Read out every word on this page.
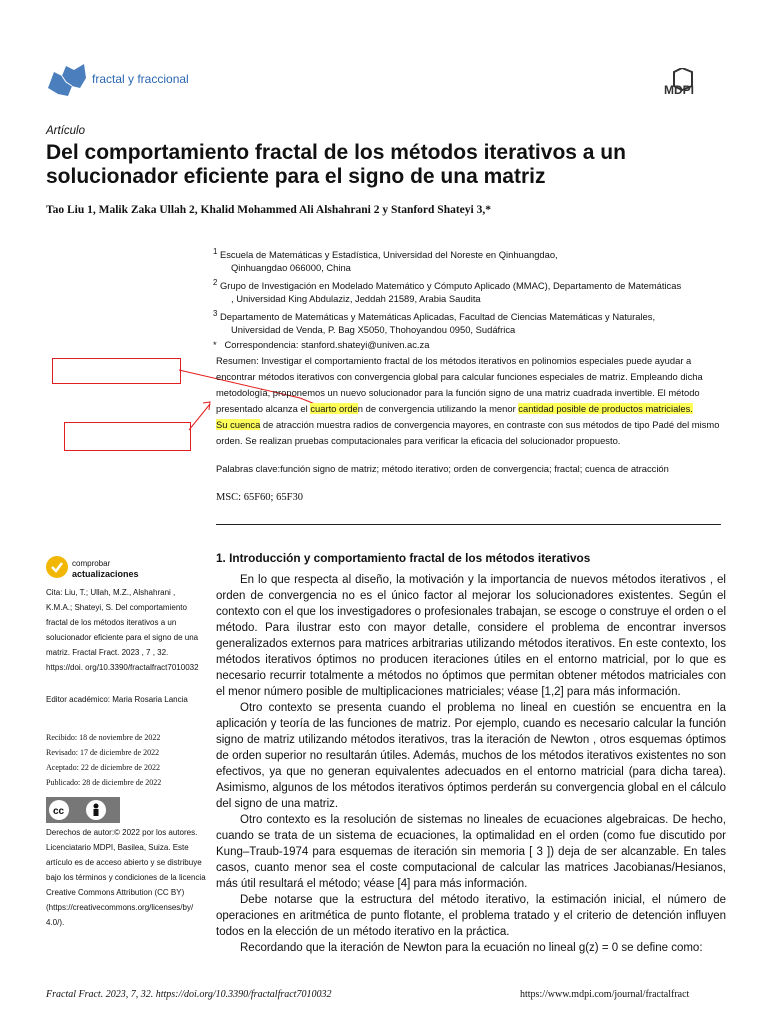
fractal y fraccional
MDPI
Artículo
Del comportamiento fractal de los métodos iterativos a un solucionador eficiente para el signo de una matriz
Tao Liu 1, Malik Zaka Ullah 2, Khalid Mohammed Ali Alshahrani 2 y Stanford Shateyi 3,*

$^1$ Escuela de Matemáticas y Estadística, Universidad del Noreste en Qinhuangdao,
Qinhuangdao 066000, China

$^2$ Grupo de Investigación en Modelado Matemático y Cómputo Aplicado (MMAC), Departamento de Matemáticas
, Universidad King Abdulaziz, Jeddah 21589, Arabia Saudita

$^3$ Departamento de Matemáticas y Matemáticas Aplicadas, Facultad de Ciencias Matemáticas y Naturales,
Universidad de Venda, P. Bag X5050, Thohoyandou 0950, Sudáfrica

* Correspondencia: stanford.shateyi@univen.ac.za

Resumen: Investigar el comportamiento fractal de los métodos iterativos en polinomios especiales puede ayudar a encontrar métodos iterativos con convergencia global para calcular funciones especiales de matriz. Empleando dicha metodología, proponemos un nuevo solucionador para la función signo de una matriz cuadrada invertible. El método presentado alcanza el cuarto orden de convergencia utilizando la menor cantidad posible de productos matriciales.
Su cuenca de atracción muestra radios de convergencia mayores, en contraste con sus métodos de tipo Padé del mismo orden. Se realizan pruebas computacionales para verificar la eficacia del solucionador propuesto.
Palabras clave:función signo de matriz; método iterativo; orden de convergencia; fractal; cuenca de atracción
MSC: 65F60; 65F30
comprobar
actualizaciones
Cita: Liu, T.; Ullah, M.Z., Alshahrani , K.M.A.; Shateyi, S. Del comportamiento fractal de los métodos iterativos a un solucionador eficiente para el signo de una matriz. Fractal Fract. 2023 , 7 , 32. https://doi. org/10.3390/fractalfract7010032
Editor académico: Maria Rosaria Lancia

Recibido: 18 de noviembre de 2022

Revisado: 17 de diciembre de 2022

Aceptado: 22 de diciembre de 2022

Publicado: 28 de diciembre de 2022

cc
Derechos de autor:© 2022 por los autores. Licenciatario MDPI, Basilea, Suiza. Este artículo es de acceso abierto y se distribuye bajo los términos y condiciones de la licencia Creative Commons Attribution (CC BY) (https://creativecommons.org/licenses/by/ 4.0/).
1. Introducción y comportamiento fractal de los métodos iterativos

En lo que respecta al diseño, la motivación y la importancia de nuevos métodos iterativos , el orden de convergencia no es el único factor al mejorar los solucionadores existentes. Según el contexto con el que los investigadores o profesionales trabajan, se escoge o construye el orden o el método. Para ilustrar esto con mayor detalle, considere el problema de encontrar inversos generalizados externos para matrices arbitrarias utilizando métodos iterativos. En este contexto, los métodos iterativos óptimos no producen iteraciones útiles en el entorno matricial, por lo que es necesario recurrir totalmente a métodos no óptimos que permitan obtener métodos matriciales con el menor número posible de multiplicaciones matriciales; véase [1,2] para más información.

Otro contexto se presenta cuando el problema no lineal en cuestión se encuentra en la aplicación y teoría de las funciones de matriz. Por ejemplo, cuando es necesario calcular la función signo de matriz utilizando métodos iterativos, tras la iteración de Newton , otros esquemas óptimos de orden superior no resultarán útiles. Además, muchos de los métodos iterativos existentes no son efectivos, ya que no generan equivalentes adecuados en el entorno matricial (para dicha tarea). Asimismo, algunos de los métodos iterativos óptimos perderán su convergencia global en el cálculo del signo de una matriz.

Otro contexto es la resolución de sistemas no lineales de ecuaciones algebraicas. De hecho, cuando se trata de un sistema de ecuaciones, la optimalidad en el orden (como fue discutido por Kung–Traub-1974 para esquemas de iteración sin memoria [ 3 ]) deja de ser alcanzable. En tales casos, cuanto menor sea el coste computacional de calcular las matrices Jacobianas/Hesianos, más útil resultará el método; véase [4] para más información.

Debe notarse que la estructura del método iterativo, la estimación inicial, el número de operaciones en aritmética de punto flotante, el problema tratado y el criterio de detención influyen todos en la elección de un método iterativo en la práctica.

Recordando que la iteración de Newton para la ecuación no lineal g(z) = 0 se define como:

Fractal Fract. 2023, 7, 32. https://doi.org/10.3390/fractalfract7010032	https://www.mdpi.com/journal/fractalfract
